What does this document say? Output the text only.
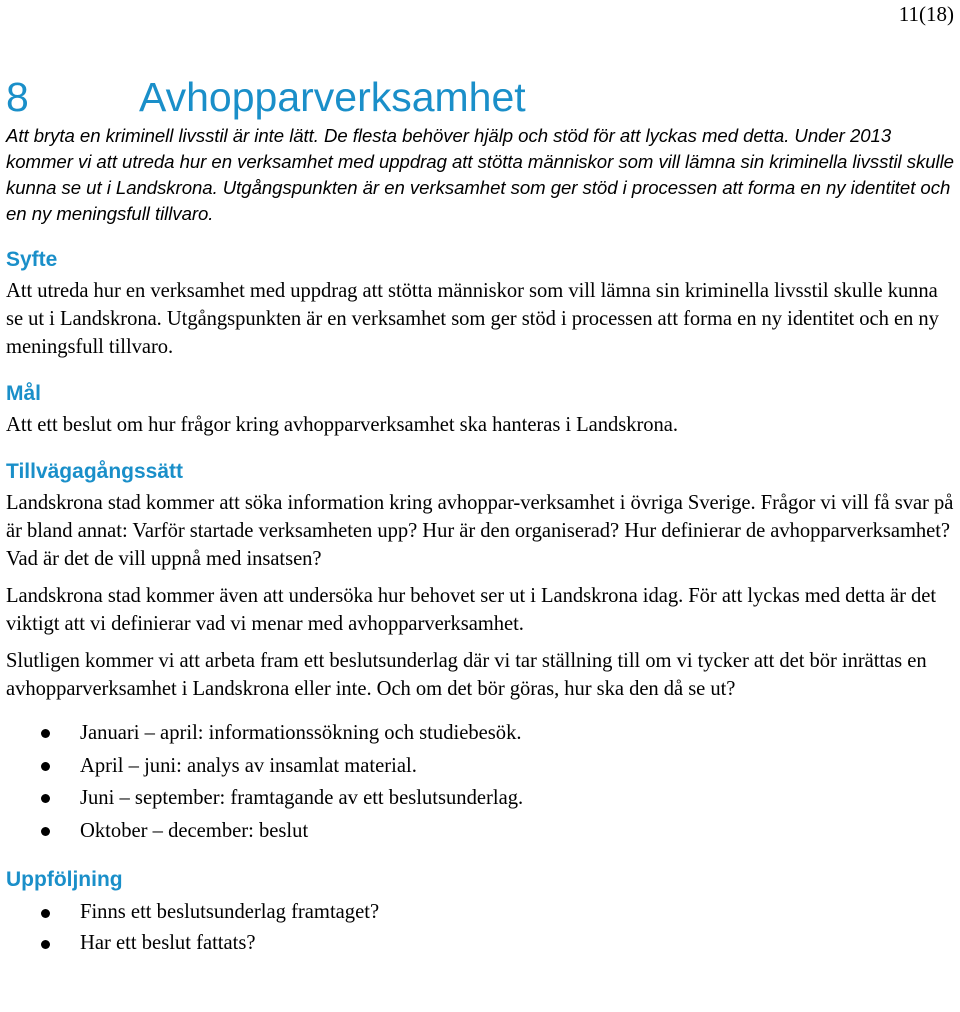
11(18)
8	Avhopparverksamhet

Att bryta en kriminell livsstil är inte lätt. De flesta behöver hjälp och stöd för att lyckas med detta. Under 2013 kommer vi att utreda hur en verksamhet med uppdrag att stötta människor som vill lämna sin kriminella livsstil skulle kunna se ut i Landskrona. Utgångspunkten är en verksamhet som ger stöd i processen att forma en ny identitet och en ny meningsfull tillvaro.

Syfte

Att utreda hur en verksamhet med uppdrag att stötta människor som vill lämna sin kriminella livsstil skulle kunna se ut i Landskrona. Utgångspunkten är en verksamhet som ger stöd i processen att forma en ny identitet och en ny meningsfull tillvaro.

Mål

Att ett beslut om hur frågor kring avhopparverksamhet ska hanteras i Landskrona.

Tillvägagångssätt

Landskrona stad kommer att söka information kring avhoppar-verksamhet i övriga Sverige. Frågor vi vill få svar på är bland annat: Varför startade verksamheten upp? Hur är den organiserad? Hur definierar de avhopparverksamhet? Vad är det de vill uppnå med insatsen?

Landskrona stad kommer även att undersöka hur behovet ser ut i Landskrona idag. För att lyckas med detta är det viktigt att vi definierar vad vi menar med avhopparverksamhet.

Slutligen kommer vi att arbeta fram ett beslutsunderlag där vi tar ställning till om vi tycker att det bör inrättas en avhopparverksamhet i Landskrona eller inte. Och om det bör göras, hur ska den då se ut?

Januari – april: informationssökning och studiebesök.
April – juni: analys av insamlat material.
Juni – september: framtagande av ett beslutsunderlag.
Oktober – december: beslut
Uppföljning
Finns ett beslutsunderlag framtaget?
Har ett beslut fattats?
